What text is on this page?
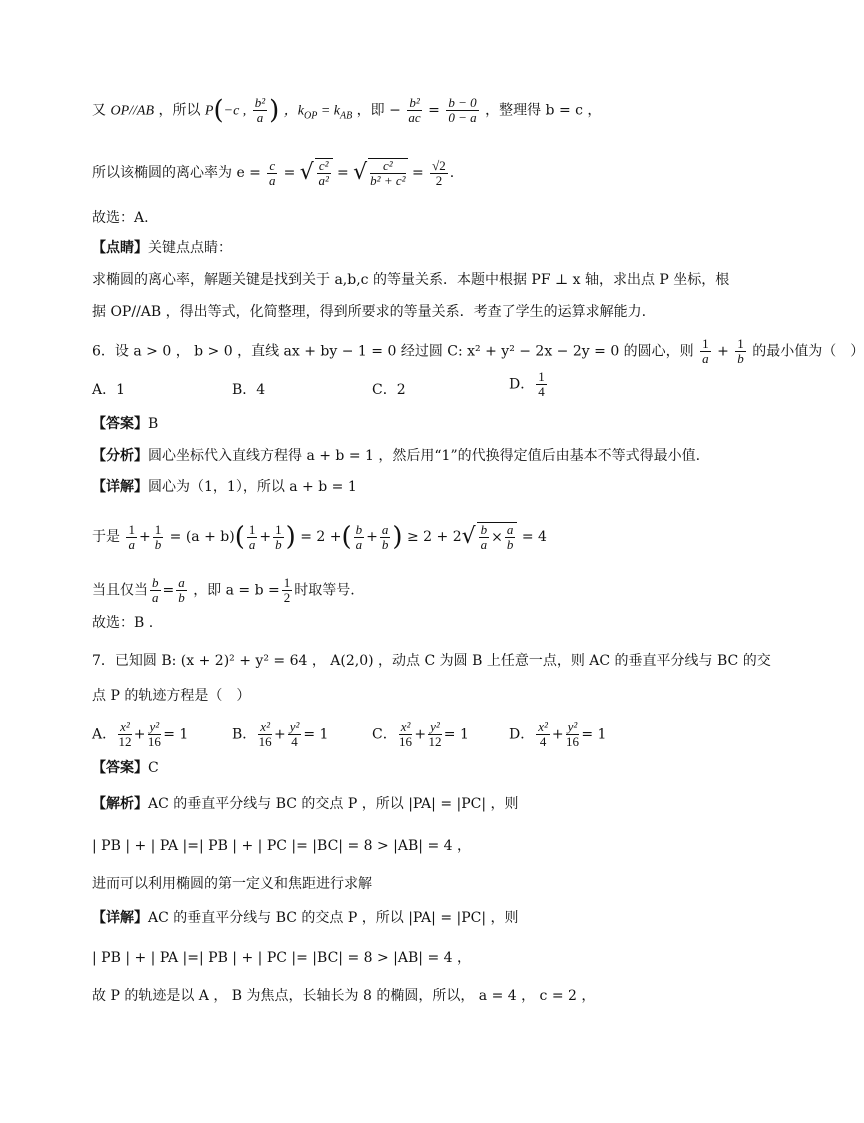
又 OP//AB ，所以 P(−c , $\frac{\text{b²}}{a}$ ) ，$k_{OP} = k_{AB}$ ，即 − $\frac{\text{b²}}{ac} = \frac{b - 0}{0 - a}$ ，整理得 b = c ，
所以该椭圆的离心率为 $e = \frac{c}{a}$ = √ $\frac{\text{c²}}{\text{a²}}$ = √ $\frac{\text{c²}}{\text{b² + c²}} = \frac{√2}{2}$ .
故选：A.
【点睛】关键点点睛：
求椭圆的离心率，解题关键是找到关于 a,b,c 的等量关系．本题中根据 PF ⊥ x 轴，求出点 P 坐标，根
据 OP//AB ，得出等式，化简整理，得到所要求的等量关系．考查了学生的运算求解能力.
6．设 a > 0 ， b > 0 ，直线 ax + by − 1 = 0 经过圆 C: x² + y² − 2x − 2y = 0 的圆心，则 $\frac{1}{a} + \frac{1}{b}$ 的最小值为（　）
A．1	B．4	C．2	D． $\frac{1}{4}$
【答案】B
【分析】圆心坐标代入直线方程得 a + b = 1 ，然后用“1”的代换得定值后由基本不等式得最小值.
【详解】圆心为（1，1），所以 a + b = 1
于是 $\frac{1}{a} + \frac{1}{b} = (a + b)( \frac{1}{a} + \frac{1}{b}$ ) = 2 +( $\frac{b}{a} + \frac{a}{b}$ ) ≥ $2 + 2√ \frac{b}{a} \times \frac{a}{b} = 4$
当且仅当 $\frac{b}{a} = \frac{a}{b}$ ，即 $a = b = \frac{1}{2}$ 时取等号.
故选：B .
7．已知圆 B: (x + 2)² + y² = 64 ， A(2,0) ，动点 C 为圆 B 上任意一点，则 AC 的垂直平分线与 BC 的交
点 P 的轨迹方程是（　）
A． $\frac{\text{x²}}{12} + \frac{\text{y²}}{16} = 1$	B． $\frac{\text{x²}}{16} + \frac{\text{y²}}{4} = 1$	C． $\frac{\text{x²}}{16} + \frac{\text{y²}}{12} = 1$	D． $\frac{\text{x²}}{4} + \frac{\text{y²}}{16} = 1$
【答案】C
【解析】AC 的垂直平分线与 BC 的交点 P ，所以 |PA| = |PC| ，则
| PB | + | PA |=| PB | + | PC |= |BC| = 8 > |AB| = 4 ，
进而可以利用椭圆的第一定义和焦距进行求解
【详解】AC 的垂直平分线与 BC 的交点 P ，所以 |PA| = |PC| ，则
| PB | + | PA |=| PB | + | PC |= |BC| = 8 > |AB| = 4 ，
故 P 的轨迹是以 A ， B 为焦点，长轴长为 8 的椭圆，所以， a = 4 ， c = 2 ，
